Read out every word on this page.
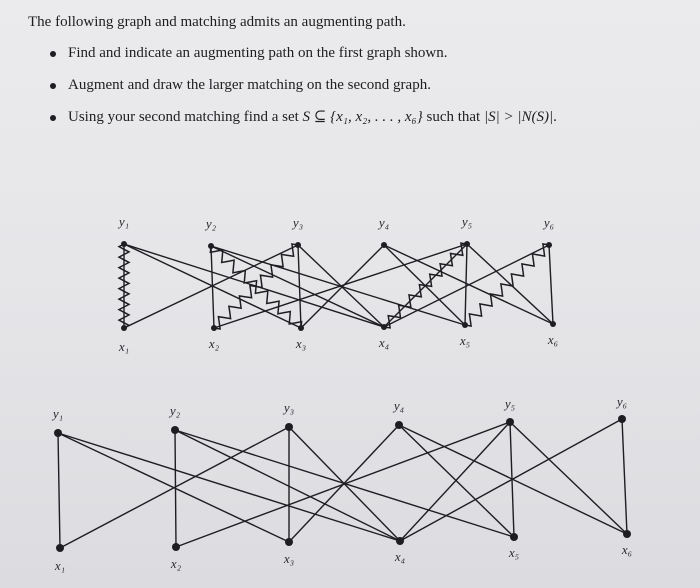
The following graph and matching admits an augmenting path.

Find and indicate an augmenting path on the first graph shown.
Augment and draw the larger matching on the second graph.
Using your second matching find a set S ⊆ {x₁, x₂, . . . , x₆} such that |S| > |N(S)|.
y₁	y₂	y₃	y₄	y₅	y₆
x₁	x₂	x₃	x₄	x₅	x₆
y₁	y₂	y₃	y₄	y₅	y₆
x₁	x₂	x₃	x₄	x₅	x₆
